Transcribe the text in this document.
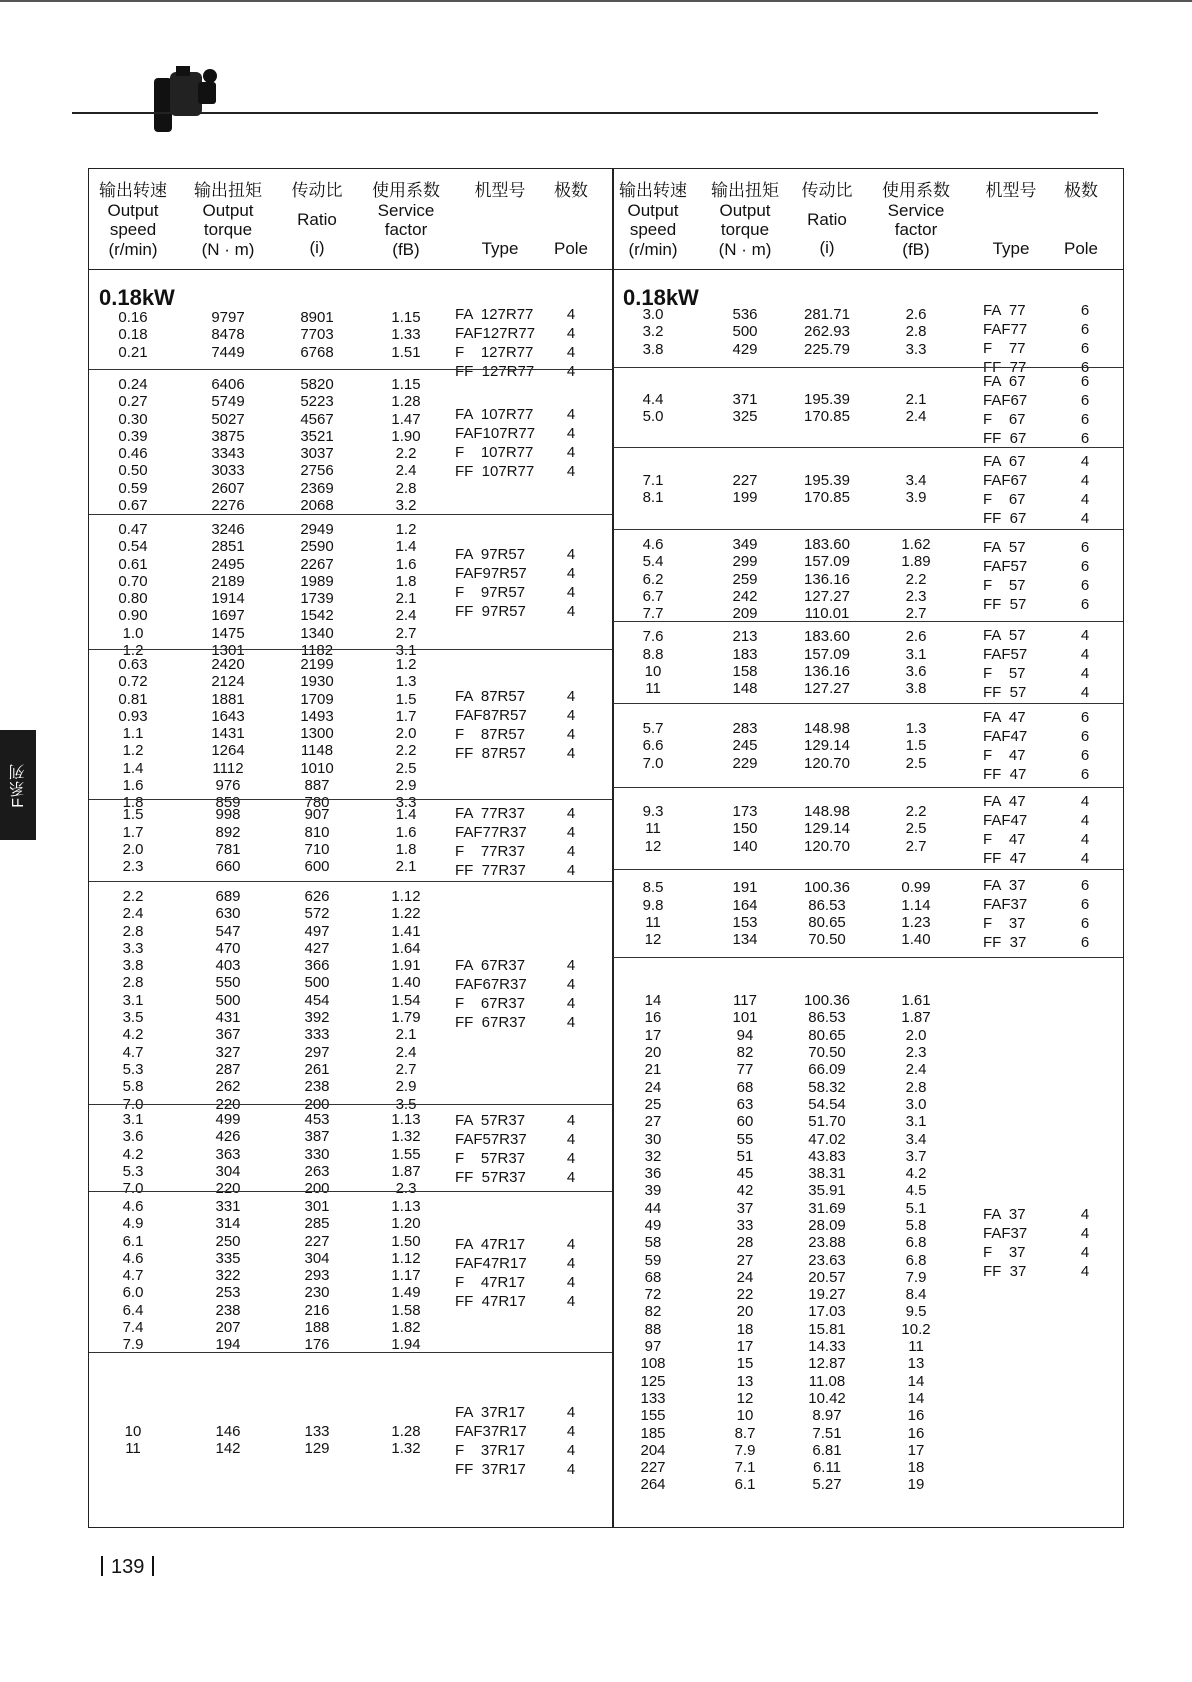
F系列
输出转速
Output
speed
(r/min)
输出扭矩
Output
torque
(N · m)
传动比
Ratio
(i)
使用系数
Service
factor
(fB)
机型号
Type
极数
Pole
0.18kW
0.16
0.18
0.21
9797
8478
7449
8901
7703
6768
1.15
1.33
1.51
FA  127R77
FAF127R77
F    127R77
FF  127R77
4
4
4
4
0.24
0.27
0.30
0.39
0.46
0.50
0.59
0.67
6406
5749
5027
3875
3343
3033
2607
2276
5820
5223
4567
3521
3037
2756
2369
2068
1.15
1.28
1.47
1.90
2.2
2.4
2.8
3.2
FA  107R77
FAF107R77
F    107R77
FF  107R77
4
4
4
4
0.47
0.54
0.61
0.70
0.80
0.90
1.0
1.2
3246
2851
2495
2189
1914
1697
1475
1301
2949
2590
2267
1989
1739
1542
1340
1182
1.2
1.4
1.6
1.8
2.1
2.4
2.7
3.1
FA  97R57
FAF97R57
F    97R57
FF  97R57
4
4
4
4
0.63
0.72
0.81
0.93
1.1
1.2
1.4
1.6
1.8
2420
2124
1881
1643
1431
1264
1112
976
859
2199
1930
1709
1493
1300
1148
1010
887
780
1.2
1.3
1.5
1.7
2.0
2.2
2.5
2.9
3.3
FA  87R57
FAF87R57
F    87R57
FF  87R57
4
4
4
4
1.5
1.7
2.0
2.3
998
892
781
660
907
810
710
600
1.4
1.6
1.8
2.1
FA  77R37
FAF77R37
F    77R37
FF  77R37
4
4
4
4
2.2
2.4
2.8
3.3
3.8
2.8
3.1
3.5
4.2
4.7
5.3
5.8
7.0
689
630
547
470
403
550
500
431
367
327
287
262
220
626
572
497
427
366
500
454
392
333
297
261
238
200
1.12
1.22
1.41
1.64
1.91
1.40
1.54
1.79
2.1
2.4
2.7
2.9
3.5
FA  67R37
FAF67R37
F    67R37
FF  67R37
4
4
4
4
3.1
3.6
4.2
5.3
7.0
499
426
363
304
220
453
387
330
263
200
1.13
1.32
1.55
1.87
2.3
FA  57R37
FAF57R37
F    57R37
FF  57R37
4
4
4
4
4.6
4.9
6.1
4.6
4.7
6.0
6.4
7.4
7.9
331
314
250
335
322
253
238
207
194
301
285
227
304
293
230
216
188
176
1.13
1.20
1.50
1.12
1.17
1.49
1.58
1.82
1.94
FA  47R17
FAF47R17
F    47R17
FF  47R17
4
4
4
4
10
11
146
142
133
129
1.28
1.32
FA  37R17
FAF37R17
F    37R17
FF  37R17
4
4
4
4
输出转速
Output
speed
(r/min)
输出扭矩
Output
torque
(N · m)
传动比
Ratio
(i)
使用系数
Service
factor
(fB)
机型号
Type
极数
Pole
0.18kW
3.0
3.2
3.8
536
500
429
281.71
262.93
225.79
2.6
2.8
3.3
FA  77
FAF77
F    77
FF  77
6
6
6
6
4.4
5.0
371
325
195.39
170.85
2.1
2.4
FA  67
FAF67
F    67
FF  67
6
6
6
6
7.1
8.1
227
199
195.39
170.85
3.4
3.9
FA  67
FAF67
F    67
FF  67
4
4
4
4
4.6
5.4
6.2
6.7
7.7
349
299
259
242
209
183.60
157.09
136.16
127.27
110.01
1.62
1.89
2.2
2.3
2.7
FA  57
FAF57
F    57
FF  57
6
6
6
6
7.6
8.8
10
11
213
183
158
148
183.60
157.09
136.16
127.27
2.6
3.1
3.6
3.8
FA  57
FAF57
F    57
FF  57
4
4
4
4
5.7
6.6
7.0
283
245
229
148.98
129.14
120.70
1.3
1.5
2.5
FA  47
FAF47
F    47
FF  47
6
6
6
6
9.3
11
12
173
150
140
148.98
129.14
120.70
2.2
2.5
2.7
FA  47
FAF47
F    47
FF  47
4
4
4
4
8.5
9.8
11
12
191
164
153
134
100.36
86.53
80.65
70.50
0.99
1.14
1.23
1.40
FA  37
FAF37
F    37
FF  37
6
6
6
6
14
16
17
20
21
24
25
27
30
32
36
39
44
49
58
59
68
72
82
88
97
108
125
133
155
185
204
227
264
117
101
94
82
77
68
63
60
55
51
45
42
37
33
28
27
24
22
20
18
17
15
13
12
10
8.7
7.9
7.1
6.1
100.36
86.53
80.65
70.50
66.09
58.32
54.54
51.70
47.02
43.83
38.31
35.91
31.69
28.09
23.88
23.63
20.57
19.27
17.03
15.81
14.33
12.87
11.08
10.42
8.97
7.51
6.81
6.11
5.27
1.61
1.87
2.0
2.3
2.4
2.8
3.0
3.1
3.4
3.7
4.2
4.5
5.1
5.8
6.8
6.8
7.9
8.4
9.5
10.2
11
13
14
14
16
16
17
18
19
FA  37
FAF37
F    37
FF  37
4
4
4
4
139
